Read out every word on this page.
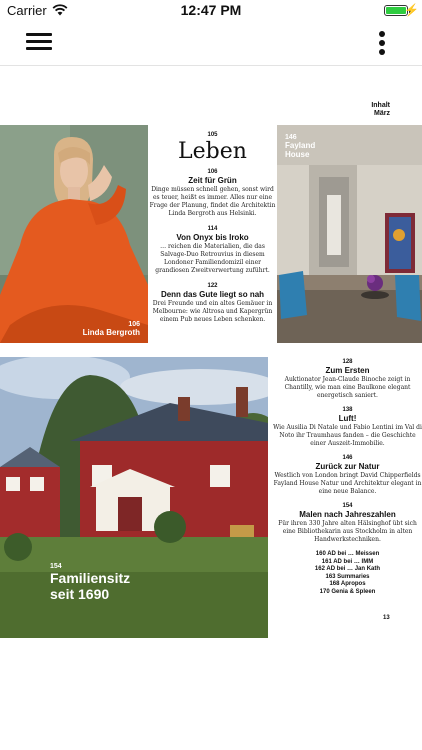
Carrier	12:47 PM	⚡
Inhalt
März
106
Linda Bergroth
105
Leben
106
Zeit für Grün
Dinge müssen schnell gehen, sonst wird es teuer, heißt es immer. Alles nur eine Frage der Planung, findet die Architektin Linda Bergroth aus Helsinki.
114
Von Onyx bis Iroko
… reichen die Materialien, die das Salvage-Duo Retrouvius in diesem Londoner Familiendomizil einer grandiosen Zweitverwertung zuführt.
122
Denn das Gute liegt so nah
Drei Freunde und ein altes Gemäuer in Melbourne: wie Altrosa und Kapergrün einem Pub neues Leben schenken.
146
Fayland
House
154
Familiensitz
seit 1690
128
Zum Ersten
Auktionator Jean-Claude Binoche zeigt in Chantilly, wie man eine Baulkone elegant energetisch saniert.
138
Luft!
Wie Ausilia Di Natale und Fabio Lentini im Val di Noto ihr Traumhaus fanden – die Geschichte einer Auszeit-Immobilie.
146
Zurück zur Natur
Westlich von London bringt David Chipperfields Fayland House Natur und Architektur elegant in eine neue Balance.
154
Malen nach Jahreszahlen
Für ihren 330 Jahre alten Hälsinghof übt sich eine Bibliothekarin aus Stockholm in alten Handwerkstechniken.
160 AD bei … Meissen
161 AD bei … IMM
162 AD bei … Jan Kath
163 Summaries
168 Apropos
170 Genia & Spleen
13
